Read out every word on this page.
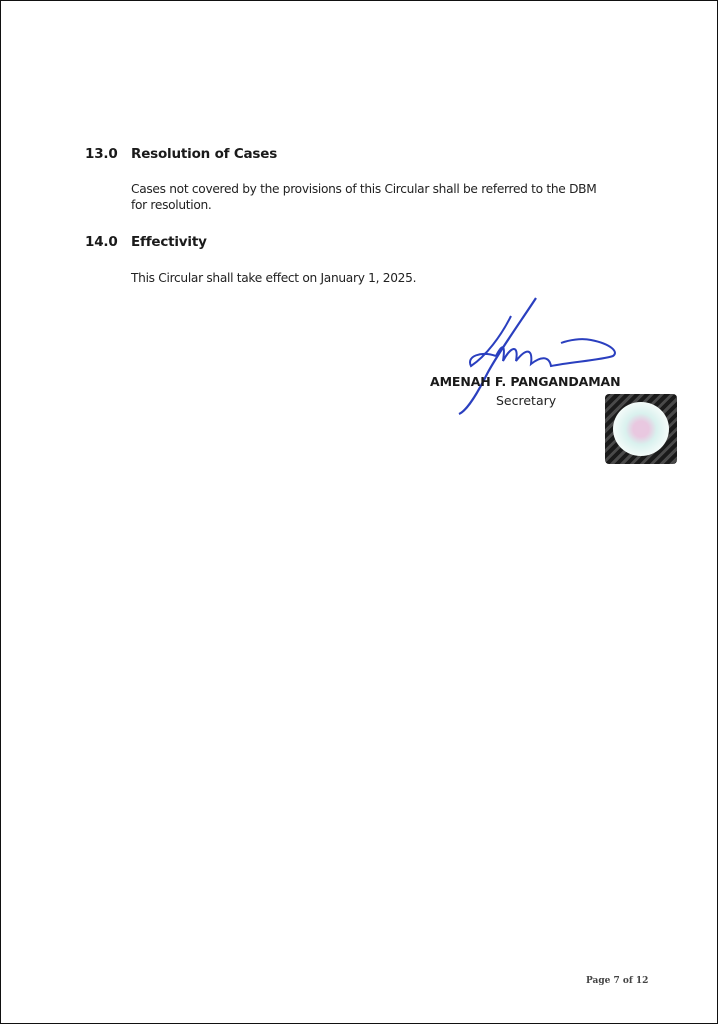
13.0 Resolution of Cases
Cases not covered by the provisions of this Circular shall be referred to the DBM
for resolution.
14.0 Effectivity
This Circular shall take effect on January 1, 2025.
AMENAH F. PANGANDAMAN
Secretary
Page 7 of 12
